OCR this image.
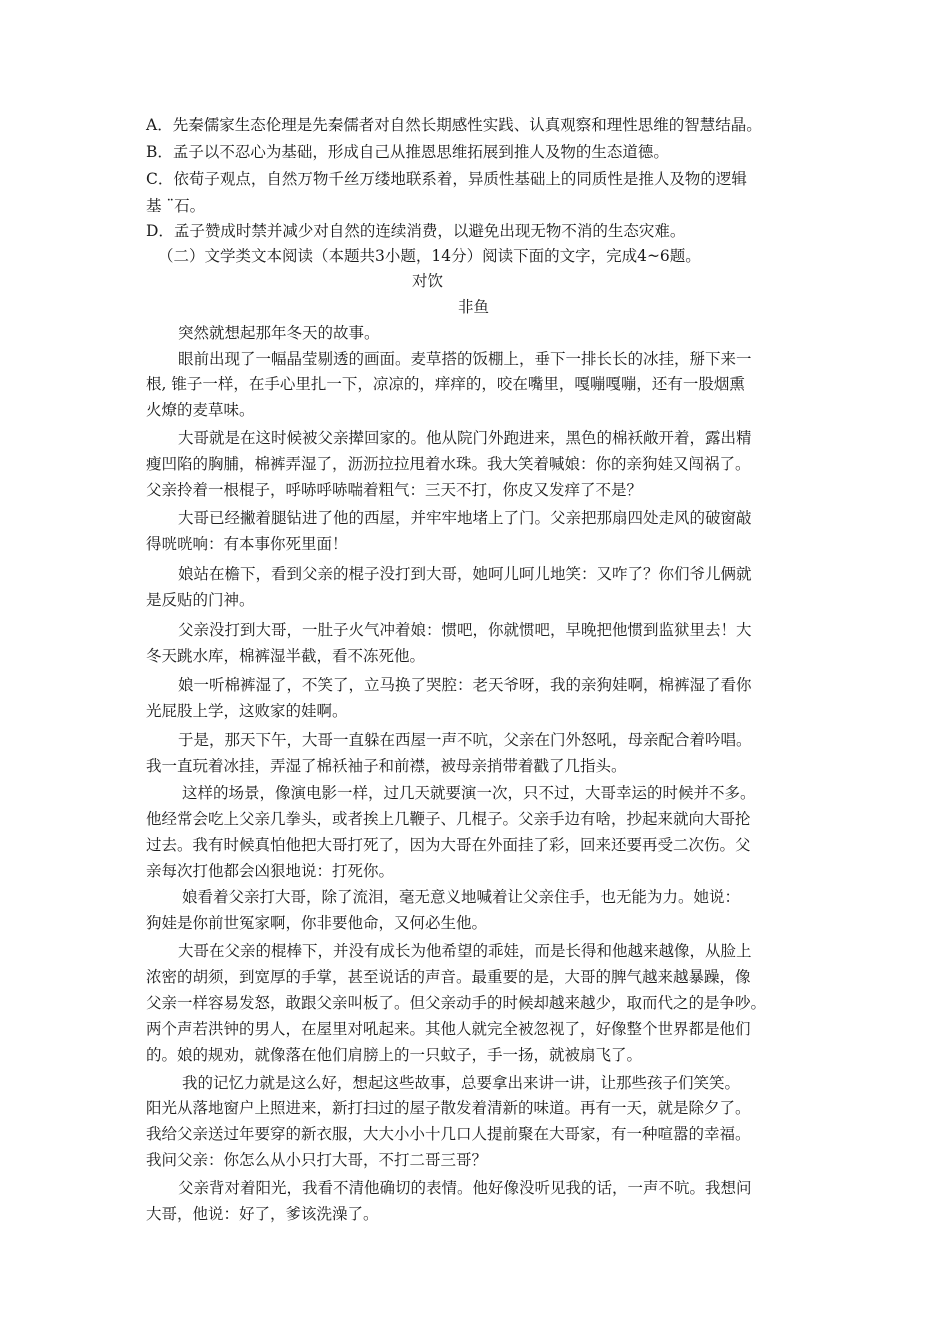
A．先秦儒家生态伦理是先秦儒者对自然长期感性实践、认真观察和理性思维的智慧结晶。

B．孟子以不忍心为基础，形成自己从推恩思维拓展到推人及物的生态道德。

C．依荀子观点，自然万物千丝万缕地联系着，异质性基础上的同质性是推人及物的逻辑

基 ¨石。

D．孟子赞成时禁并减少对自然的连续消费，以避免出现无物不消的生态灾难。

（二）文学类文本阅读（本题共3小题，14分）阅读下面的文字，完成4~6题。

对饮

非鱼

突然就想起那年冬天的故事。

眼前出现了一幅晶莹剔透的画面。麦草搭的饭棚上，垂下一排长长的冰挂，掰下来一

根, 锥子一样，在手心里扎一下，凉凉的，痒痒的，咬在嘴里，嘎嘣嘎嘣，还有一股烟熏

火燎的麦草味。

大哥就是在这时候被父亲撵回家的。他从院门外跑进来，黑色的棉袄敞开着，露出精

瘦凹陷的胸脯，棉裤弄湿了，沥沥拉拉甩着水珠。我大笑着喊娘：你的亲狗娃又闯祸了。

父亲拎着一根棍子，呼哧呼哧喘着粗气：三天不打，你皮又发痒了不是？

大哥已经撇着腿钻进了他的西屋，并牢牢地堵上了门。父亲把那扇四处走风的破窗敲

得咣咣响：有本事你死里面！

娘站在檐下，看到父亲的棍子没打到大哥，她呵儿呵儿地笑：又咋了？你们爷儿俩就

是反贴的门神。

父亲没打到大哥，一肚子火气冲着娘：惯吧，你就惯吧，早晚把他惯到监狱里去！大

冬天跳水库，棉裤湿半截，看不冻死他。

娘一听棉裤湿了，不笑了，立马换了哭腔：老天爷呀，我的亲狗娃啊，棉裤湿了看你

光屁股上学，这败家的娃啊。

于是，那天下午，大哥一直躲在西屋一声不吭，父亲在门外怒吼，母亲配合着吟唱。

我一直玩着冰挂，弄湿了棉袄袖子和前襟，被母亲捎带着戳了几指头。

这样的场景，像演电影一样，过几天就要演一次，只不过，大哥幸运的时候并不多。

他经常会吃上父亲几拳头，或者挨上几鞭子、几棍子。父亲手边有啥，抄起来就向大哥抡

过去。我有时候真怕他把大哥打死了，因为大哥在外面挂了彩，回来还要再受二次伤。父

亲每次打他都会凶狠地说：打死你。

娘看着父亲打大哥，除了流泪，毫无意义地喊着让父亲住手，也无能为力。她说：

狗娃是你前世冤家啊，你非要他命，又何必生他。

大哥在父亲的棍棒下，并没有成长为他希望的乖娃，而是长得和他越来越像，从脸上

浓密的胡须，到宽厚的手掌，甚至说话的声音。最重要的是，大哥的脾气越来越暴躁，像

父亲一样容易发怒，敢跟父亲叫板了。但父亲动手的时候却越来越少，取而代之的是争吵。

两个声若洪钟的男人，在屋里对吼起来。其他人就完全被忽视了，好像整个世界都是他们

的。娘的规劝，就像落在他们肩膀上的一只蚊子，手一扬，就被扇飞了。

我的记忆力就是这么好，想起这些故事，总要拿出来讲一讲，让那些孩子们笑笑。

阳光从落地窗户上照进来，新打扫过的屋子散发着清新的味道。再有一天，就是除夕了。

我给父亲送过年要穿的新衣服，大大小小十几口人提前聚在大哥家，有一种喧嚣的幸福。

我问父亲：你怎么从小只打大哥，不打二哥三哥？

父亲背对着阳光，我看不清他确切的表情。他好像没听见我的话，一声不吭。我想问

大哥，他说：好了，爹该洗澡了。
